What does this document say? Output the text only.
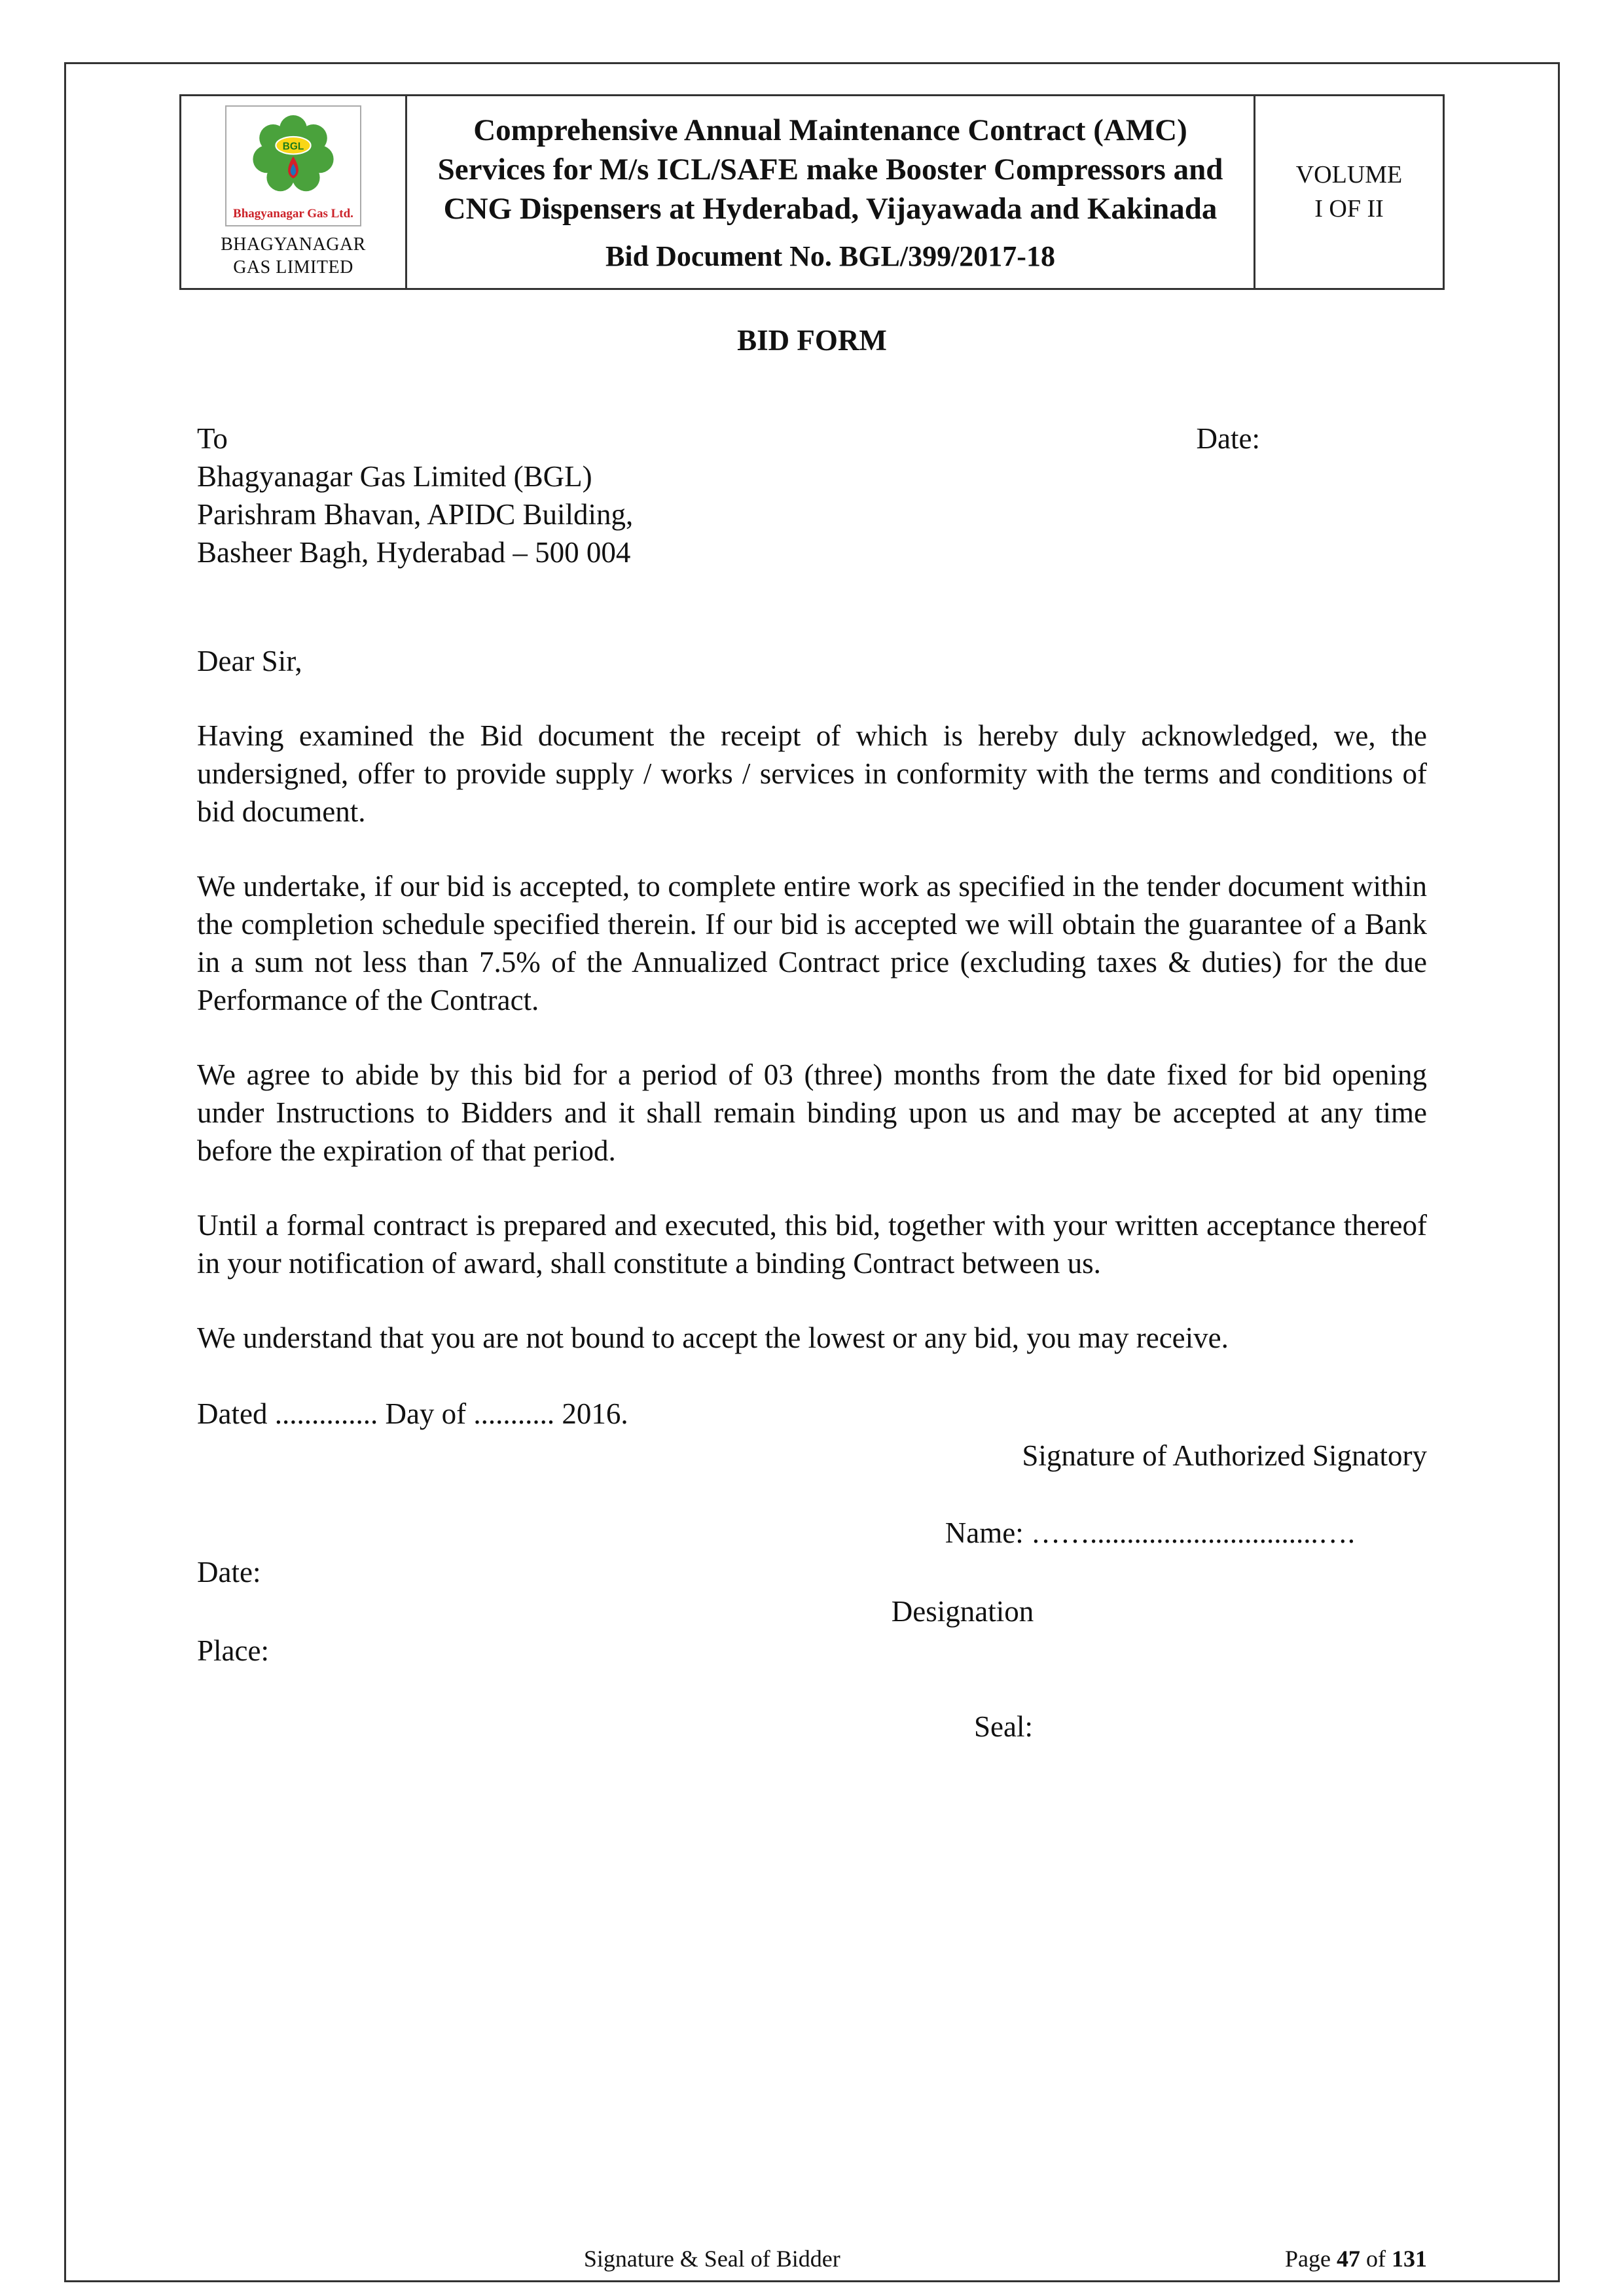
BGL
Bhagyanagar Gas Ltd.
BHAGYANAGAR
GAS LIMITED

Comprehensive Annual Maintenance Contract (AMC) Services for M/s ICL/SAFE make Booster Compressors and CNG Dispensers at Hyderabad, Vijayawada and Kakinada
Bid Document No. BGL/399/2017-18

VOLUME
I OF II
BID FORM
To	Date:
Bhagyanagar Gas Limited (BGL)
Parishram Bhavan, APIDC Building,
Basheer Bagh, Hyderabad – 500 004
Dear Sir,

Having examined the Bid document the receipt of which is hereby duly acknowledged, we, the undersigned, offer to provide supply / works / services in conformity with the terms and conditions of bid document.

We undertake, if our bid is accepted, to complete entire work as specified in the tender document within the completion schedule specified therein. If our bid is accepted we will obtain the guarantee of a Bank in a sum not less than 7.5% of the Annualized Contract price (excluding taxes & duties) for the due Performance of the Contract.

We agree to abide by this bid for a period of 03 (three) months from the date fixed for bid opening under Instructions to Bidders and it shall remain binding upon us and may be accepted at any time before the expiration of that period.

Until a formal contract is prepared and executed, this bid, together with your written acceptance thereof in your notification of award, shall constitute a binding Contract between us.

We understand that you are not bound to accept the lowest or any bid, you may receive.

Dated .............. Day of ........... 2016.
Signature of Authorized Signatory
Name: ……...............................….
Date:
Designation
Place:
Seal:
Signature & Seal of Bidder	Page 47 of 131
